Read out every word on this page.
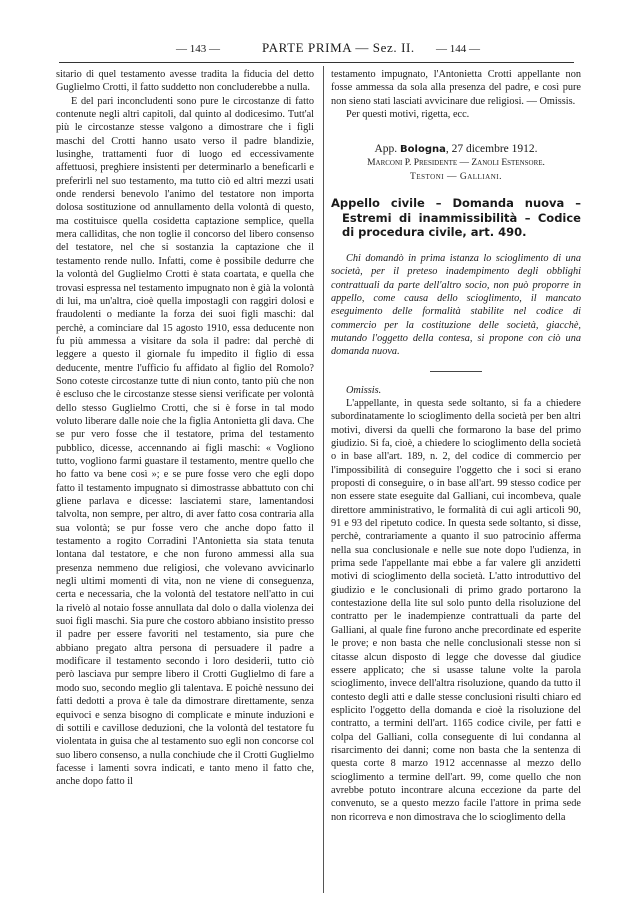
— 143 —	PARTE PRIMA — Sez. II. — 144 —

sitario di quel testamento avesse tradita la fiducia del detto Guglielmo Crotti, il fatto suddetto non concluderebbe a nulla.

E del pari inconcludenti sono pure le circostanze di fatto contenute negli altri capitoli, dal quinto al dodicesimo. Tutt'al più le circostanze stesse valgono a dimostrare che i figli maschi del Crotti hanno usato verso il padre blandizie, lusinghe, trattamenti fuor di luogo ed eccessivamente affettuosi, preghiere insistenti per determinarlo a beneficarli e preferirli nel suo testamento, ma tutto ciò ed altri mezzi usati onde rendersi benevolo l'animo del testatore non importa dolosa sostituzione od annullamento della volontà di questo, ma costituisce quella cosidetta captazione semplice, quella mera calliditas, che non toglie il concorso del libero consenso del testatore, nel che si sostanzia la captazione che il testamento rende nullo. Infatti, come è possibile dedurre che la volontà del Guglielmo Crotti è stata coartata, e quella che trovasi espressa nel testamento impugnato non è già la volontà di lui, ma un'altra, cioè quella impostagli con raggiri dolosi e fraudolenti o mediante la forza dei suoi figli maschi: dal perchè, a cominciare dal 15 agosto 1910, essa deducente non fu più ammessa a visitare da sola il padre: dal perchè di leggere a questo il giornale fu impedito il figlio di essa deducente, mentre l'ufficio fu affidato al figlio del Romolo? Sono coteste circostanze tutte di niun conto, tanto più che non è escluso che le circostanze stesse siensi verificate per volontà dello stesso Guglielmo Crotti, che si è forse in tal modo voluto liberare dalle noie che la figlia Antonietta gli dava. Che se pur vero fosse che il testatore, prima del testamento pubblico, dicesse, accennando ai figli maschi: « Vogliono tutto, vogliono farmi guastare il testamento, mentre quello che ho fatto va bene così »; e se pure fosse vero che egli dopo fatto il testamento impugnato si dimostrasse abbattuto con chi gliene parlava e dicesse: lasciatemi stare, lamentandosi talvolta, non sempre, per altro, di aver fatto cosa contraria alla sua volontà; se pur fosse vero che anche dopo fatto il testamento a rogito Corradini l'Antonietta sia stata tenuta lontana dal testatore, e che non furono ammessi alla sua presenza nemmeno due religiosi, che volevano avvicinarlo negli ultimi momenti di vita, non ne viene di conseguenza, certa e necessaria, che la volontà del testatore nell'atto in cui la rivelò al notaio fosse annullata dal dolo o dalla violenza dei suoi figli maschi. Sia pure che costoro abbiano insistito presso il padre per essere favoriti nel testamento, sia pure che abbiano pregato altra persona di persuadere il padre a modificare il testamento secondo i loro desiderii, tutto ciò però lasciava pur sempre libero il Crotti Guglielmo di fare a modo suo, secondo meglio gli talentava. E poichè nessuno dei fatti dedotti a prova è tale da dimostrare direttamente, senza equivoci e senza bisogno di complicate e minute induzioni e di sottili e cavillose deduzioni, che la volontà del testatore fu violentata in guisa che al testamento suo egli non concorse col suo libero consenso, a nulla conchiude che il Crotti Guglielmo facesse i lamenti sovra indicati, e tanto meno il fatto che, anche dopo fatto il

testamento impugnato, l'Antonietta Crotti appellante non fosse ammessa da sola alla presenza del padre, e così pure non sieno stati lasciati avvicinare due religiosi. — Omissis.

Per questi motivi, rigetta, ecc.

App. Bologna, 27 dicembre 1912.

Marconi P. Presidente — Zanoli Estensore.

Testoni — Galliani.

Appello civile – Domanda nuova – Estremi di inammissibilità – Codice di procedura civile, art. 490.

Chi domandò in prima istanza lo scioglimento di una società, per il preteso inadempimento degli obblighi contrattuali da parte dell'altro socio, non può proporre in appello, come causa dello scioglimento, il mancato eseguimento delle formalità stabilite nel codice di commercio per la costituzione delle società, giacchè, mutando l'oggetto della contesa, si propone con ciò una domanda nuova.

Omissis.

L'appellante, in questa sede soltanto, si fa a chiedere subordinatamente lo scioglimento della società per ben altri motivi, diversi da quelli che formarono la base del primo giudizio. Si fa, cioè, a chiedere lo scioglimento della società o in base all'art. 189, n. 2, del codice di commercio per l'impossibilità di conseguire l'oggetto che i soci si erano proposti di conseguire, o in base all'art. 99 stesso codice per non essere state eseguite dal Galliani, cui incombeva, quale direttore amministrativo, le formalità di cui agli articoli 90, 91 e 93 del ripetuto codice. In questa sede soltanto, si disse, perchè, contrariamente a quanto il suo patrocinio afferma nella sua conclusionale e nelle sue note dopo l'udienza, in prima sede l'appellante mai ebbe a far valere gli anzidetti motivi di scioglimento della società. L'atto introduttivo del giudizio e le conclusionali di primo grado portarono la contestazione della lite sul solo punto della risoluzione del contratto per le inadempienze contrattuali da parte del Galliani, al quale fine furono anche precordinate ed esperite le prove; e non basta che nelle conclusionali stesse non si citasse alcun disposto di legge che dovesse dal giudice essere applicato; che si usasse talune volte la parola scioglimento, invece dell'altra risoluzione, quando da tutto il contesto degli atti e dalle stesse conclusioni risulti chiaro ed esplicito l'oggetto della domanda e cioè la risoluzione del contratto, a termini dell'art. 1165 codice civile, per fatti e colpa del Galliani, colla conseguente di lui condanna al risarcimento dei danni; come non basta che la sentenza di questa corte 8 marzo 1912 accennasse al mezzo dello scioglimento a termine dell'art. 99, come quello che non avrebbe potuto incontrare alcuna eccezione da parte del convenuto, se a questo mezzo facile l'attore in prima sede non ricorreva e non dimostrava che lo scioglimento della
